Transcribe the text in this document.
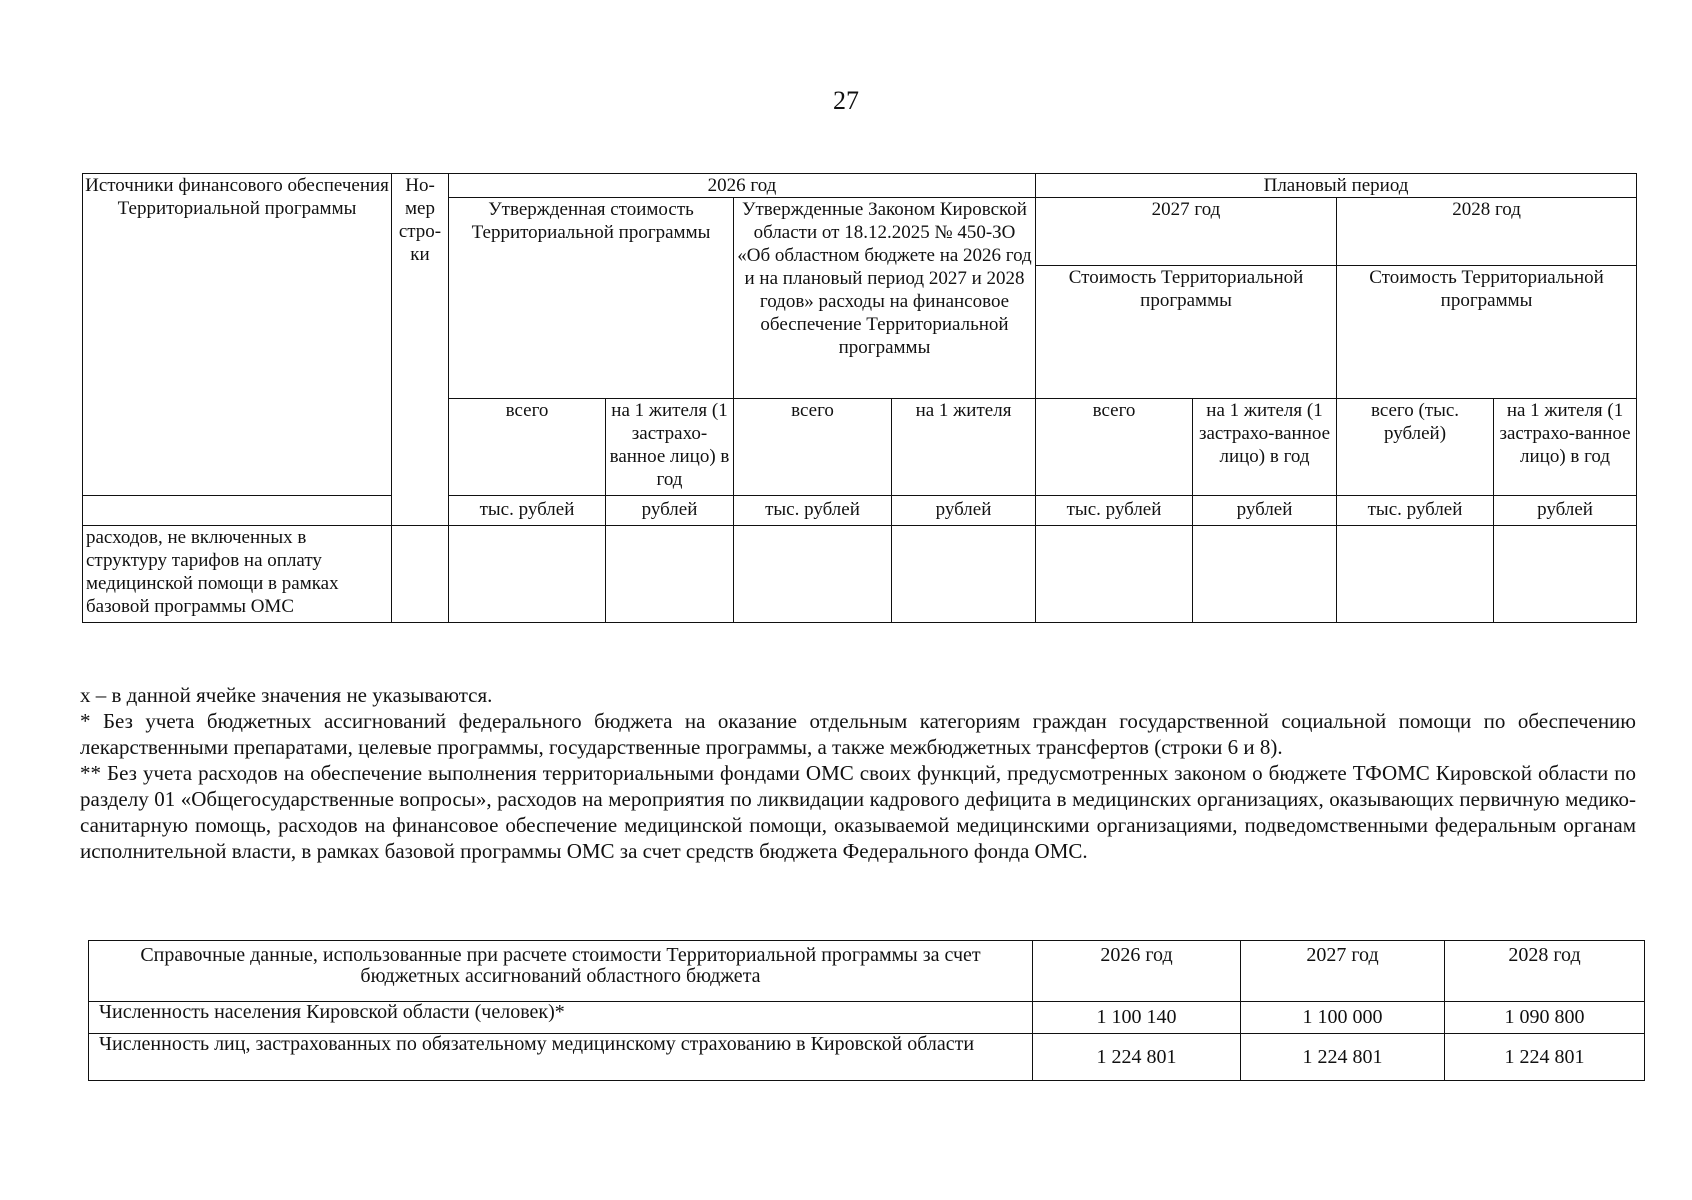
27
Источники финансового обеспечения Территориальной программы	Но-мер стро-ки	2026 год				Плановый период			
		Утвержденная стоимость Территориальной программы		Утвержденные Законом Кировской области от 18.12.2025 № 450-ЗО «Об областном бюджете на 2026 год и на плановый период 2027 и 2028 годов» расходы на финансовое обеспечение Территориальной программы		2027 год		2028 год	
						Стоимость Территориальной программы		Стоимость Территориальной программы	
		всего	на 1 жителя (1 застрахо-ванное лицо) в год	всего	на 1 жителя	всего	на 1 жителя (1 застрахо-ванное лицо) в год	всего (тыс. рублей)	на 1 жителя (1 застрахо-ванное лицо) в год
		тыс. рублей	рублей	тыс. рублей	рублей	тыс. рублей	рублей	тыс. рублей	рублей
расходов, не включенных в структуру тарифов на оплату медицинской помощи в рамках базовой программы ОМС									

х – в данной ячейке значения не указываются.

* Без учета бюджетных ассигнований федерального бюджета на оказание отдельным категориям граждан государственной социальной помощи по обеспечению лекарственными препаратами, целевые программы, государственные программы, а также межбюджетных трансфертов (строки 6 и 8).

** Без учета расходов на обеспечение выполнения территориальными фондами ОМС своих функций, предусмотренных законом о бюджете ТФОМС Кировской области по разделу 01 «Общегосударственные вопросы», расходов на мероприятия по ликвидации кадрового дефицита в медицинских организациях, оказывающих первичную медико-санитарную помощь, расходов на финансовое обеспечение медицинской помощи, оказываемой медицинскими организациями, подведомственными федеральным органам исполнительной власти, в рамках базовой программы ОМС за счет средств бюджета Федерального фонда ОМС.

Справочные данные, использованные при расчете стоимости Территориальной программы за счет бюджетных ассигнований областного бюджета	2026 год	2027 год	2028 год
Численность населения Кировской области (человек)*	1 100 140	1 100 000	1 090 800
Численность лиц, застрахованных по обязательному медицинскому страхованию в Кировской области	1 224 801	1 224 801	1 224 801
